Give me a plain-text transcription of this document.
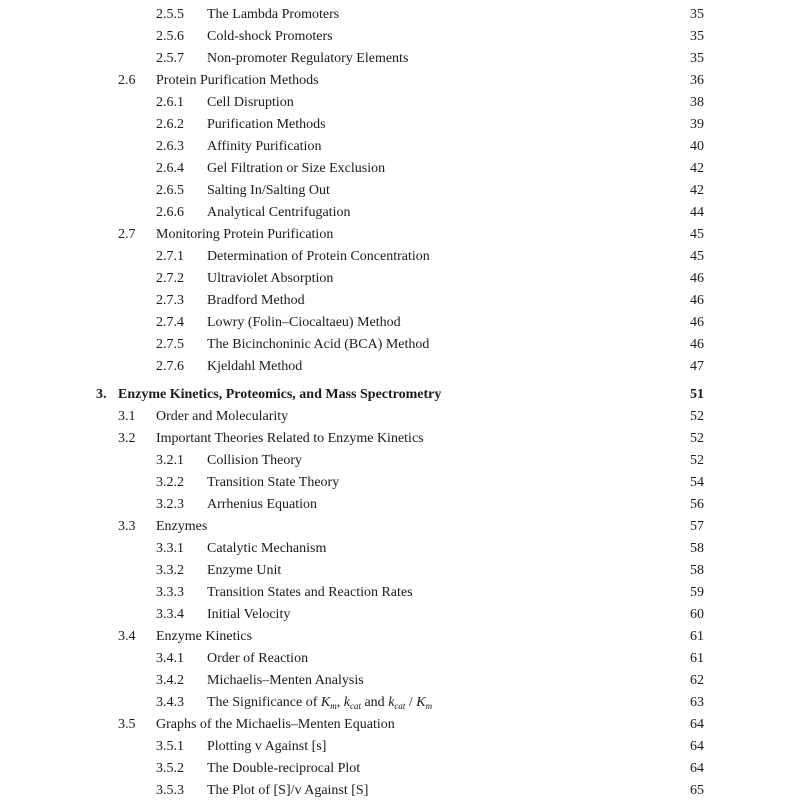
2.5.5 The Lambda Promoters	35
2.5.6 Cold-shock Promoters	35
2.5.7 Non-promoter Regulatory Elements	35
2.6 Protein Purification Methods	36
2.6.1 Cell Disruption	38
2.6.2 Purification Methods	39
2.6.3 Affinity Purification	40
2.6.4 Gel Filtration or Size Exclusion	42
2.6.5 Salting In/Salting Out	42
2.6.6 Analytical Centrifugation	44
2.7 Monitoring Protein Purification	45
2.7.1 Determination of Protein Concentration	45
2.7.2 Ultraviolet Absorption	46
2.7.3 Bradford Method	46
2.7.4 Lowry (Folin–Ciocaltaeu) Method	46
2.7.5 The Bicinchoninic Acid (BCA) Method	46
2.7.6 Kjeldahl Method	47
3. Enzyme Kinetics, Proteomics, and Mass Spectrometry	51
3.1 Order and Molecularity	52
3.2 Important Theories Related to Enzyme Kinetics	52
3.2.1 Collision Theory	52
3.2.2 Transition State Theory	54
3.2.3 Arrhenius Equation	56
3.3 Enzymes	57
3.3.1 Catalytic Mechanism	58
3.3.2 Enzyme Unit	58
3.3.3 Transition States and Reaction Rates	59
3.3.4 Initial Velocity	60
3.4 Enzyme Kinetics	61
3.4.1 Order of Reaction	61
3.4.2 Michaelis–Menten Analysis	62
3.4.3 The Significance of $K_m$, $k_{cat}$ and $k_{cat} / K_m$	63
3.5 Graphs of the Michaelis–Menten Equation	64
3.5.1 Plotting v Against [s]	64
3.5.2 The Double-reciprocal Plot	64
3.5.3 The Plot of [S]/v Against [S]	65
